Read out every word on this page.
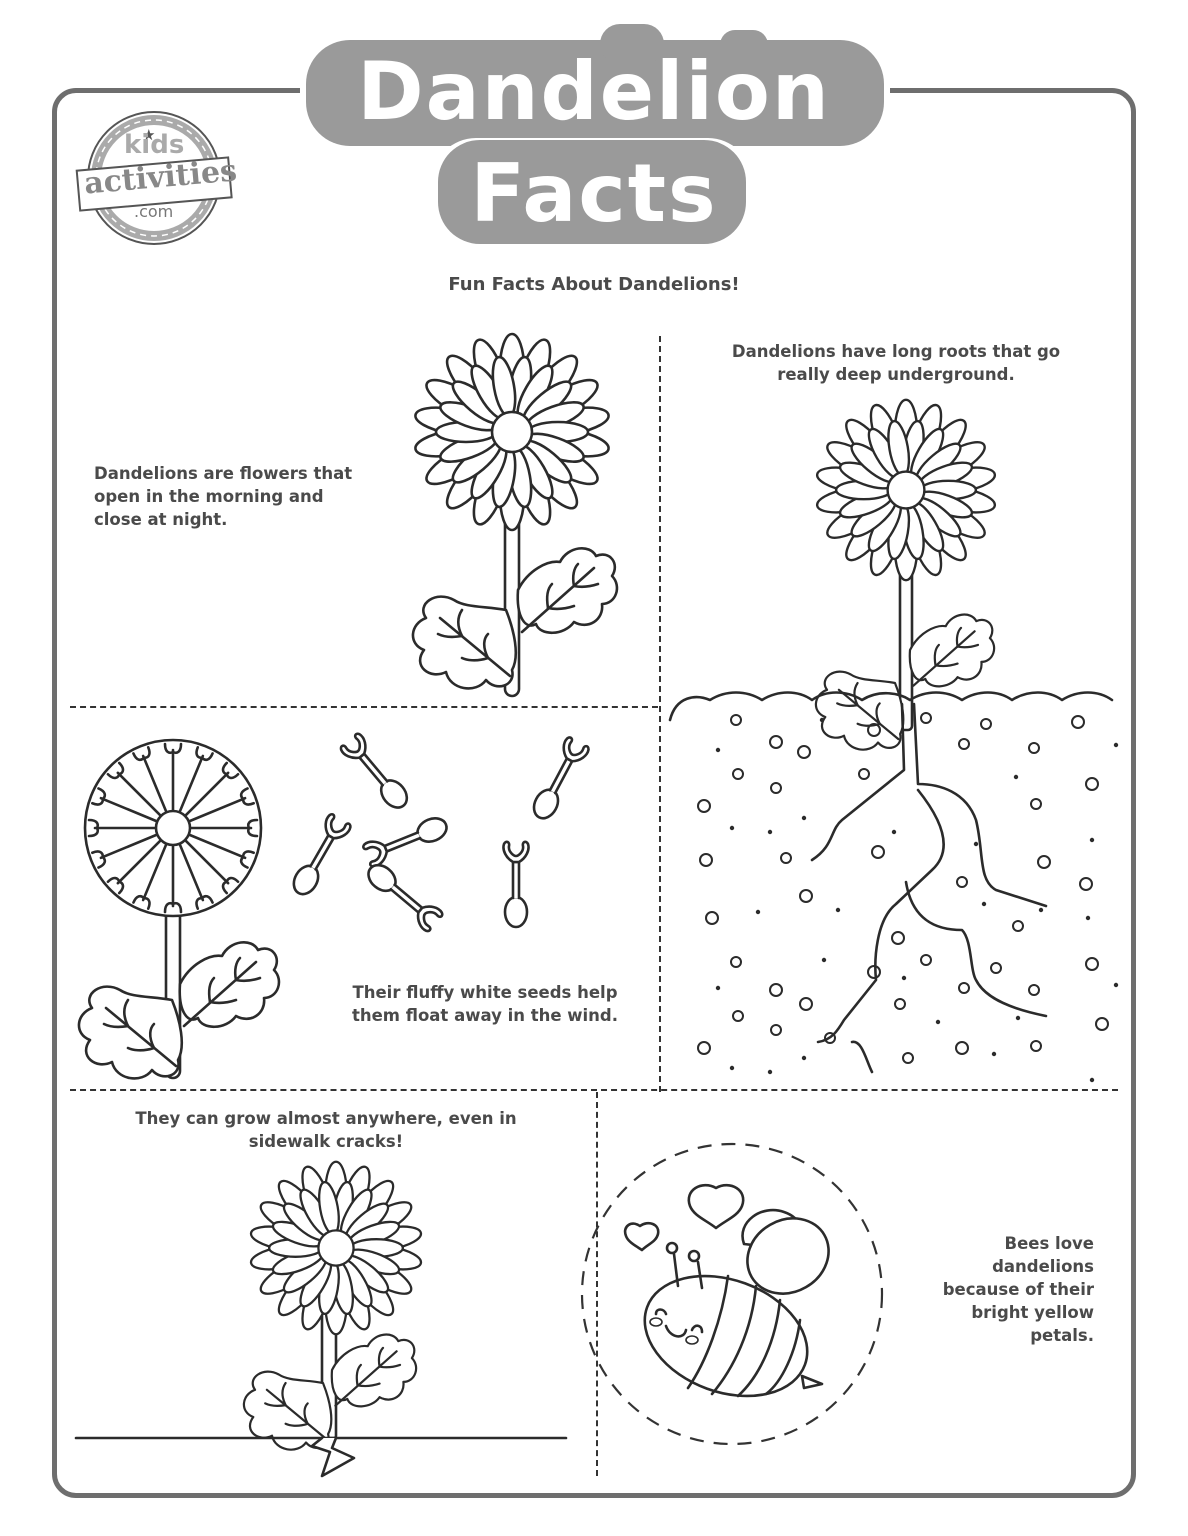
Dandelion
Facts
kids
activities
.com
Fun Facts About Dandelions!
Dandelions are flowers that
open in the morning and
close at night.
Dandelions have long roots that go
really deep underground.
Their fluffy white seeds help
them float away in the wind.
They can grow almost anywhere, even in
sidewalk cracks!
Bees love
dandelions
because of their
bright yellow
petals.
